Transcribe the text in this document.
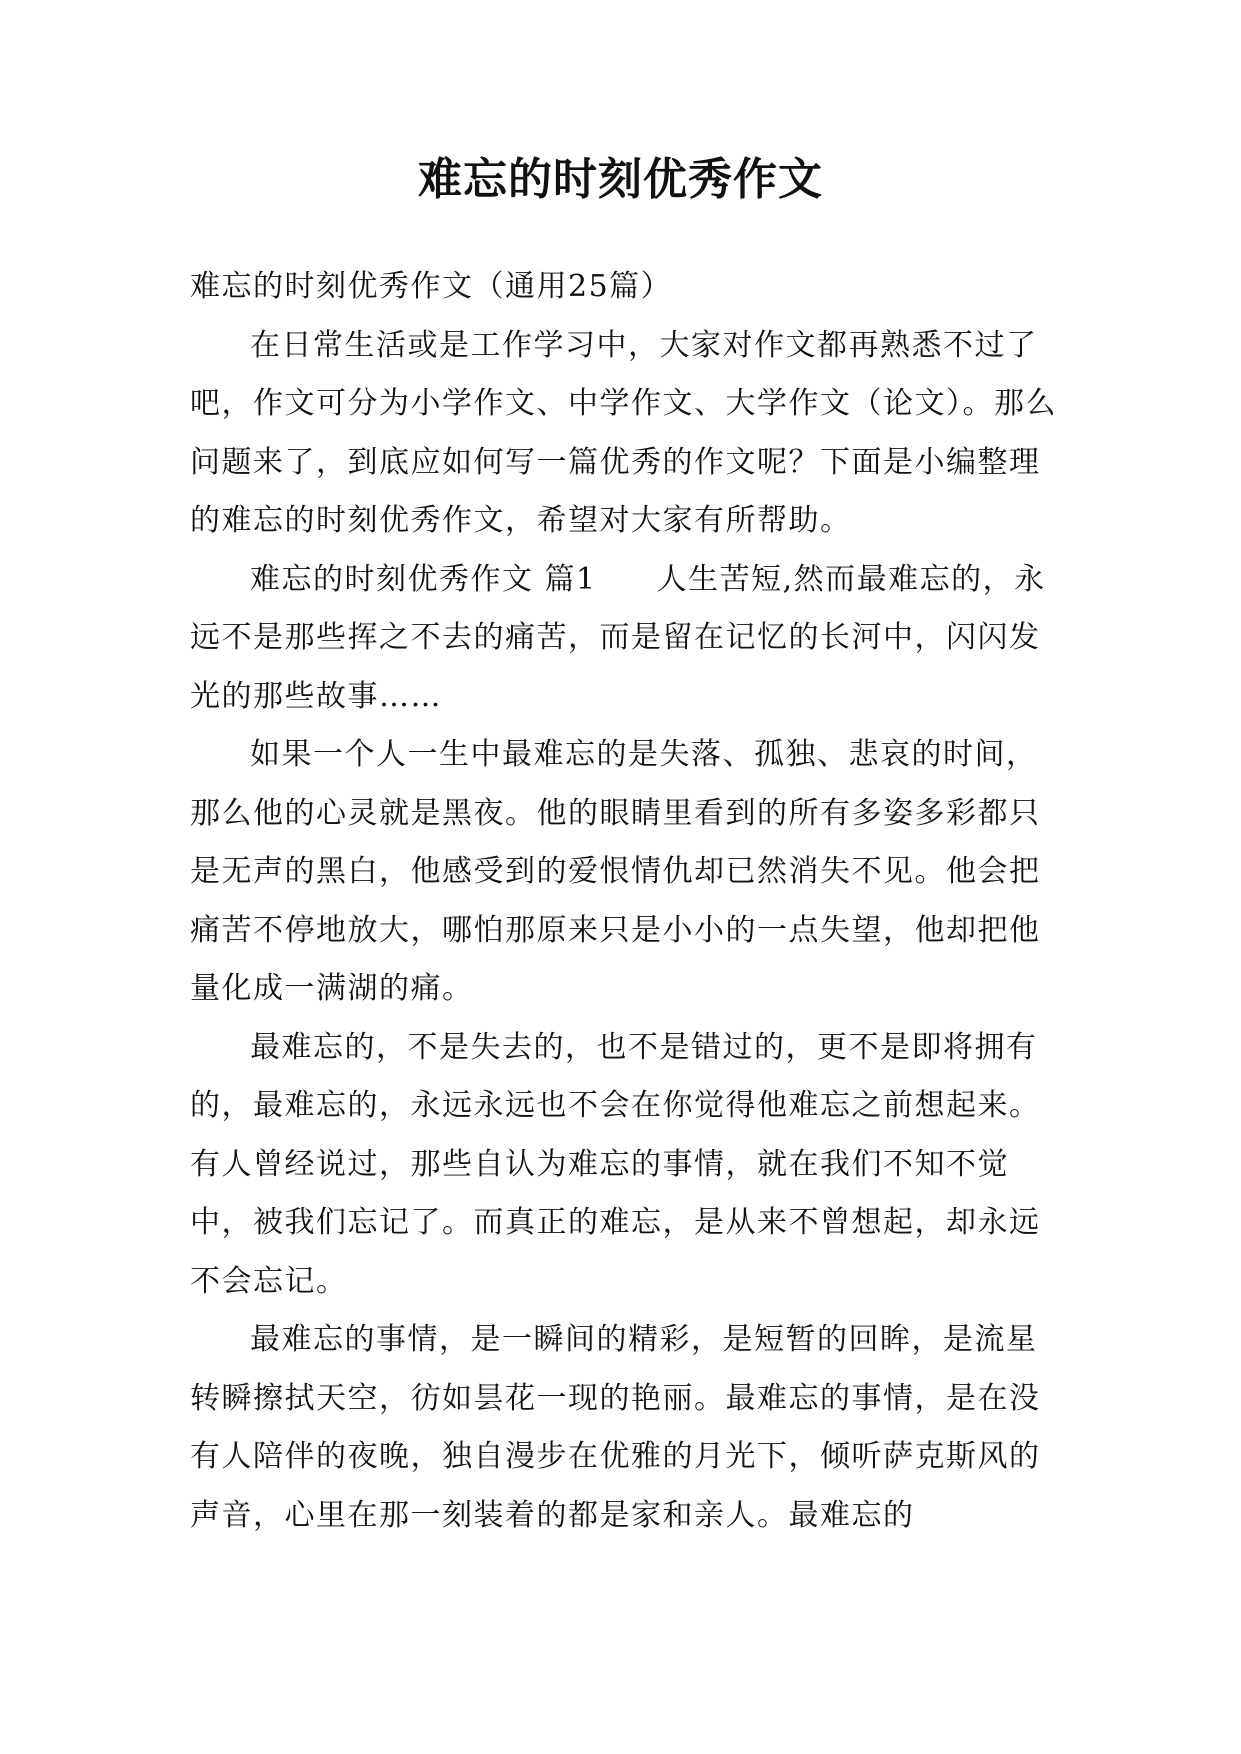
难忘的时刻优秀作文

难忘的时刻优秀作文（通用25篇）

在日常生活或是工作学习中，大家对作文都再熟悉不过了吧，作文可分为小学作文、中学作文、大学作文（论文）。那么问题来了，到底应如何写一篇优秀的作文呢？下面是小编整理的难忘的时刻优秀作文，希望对大家有所帮助。

难忘的时刻优秀作文 篇1 人生苦短,然而最难忘的，永远不是那些挥之不去的痛苦，而是留在记忆的长河中，闪闪发光的那些故事……

如果一个人一生中最难忘的是失落、孤独、悲哀的时间，那么他的心灵就是黑夜。他的眼睛里看到的所有多姿多彩都只是无声的黑白，他感受到的爱恨情仇却已然消失不见。他会把痛苦不停地放大，哪怕那原来只是小小的一点失望，他却把他量化成一满湖的痛。

最难忘的，不是失去的，也不是错过的，更不是即将拥有的，最难忘的，永远永远也不会在你觉得他难忘之前想起来。有人曾经说过，那些自认为难忘的事情，就在我们不知不觉中，被我们忘记了。而真正的难忘，是从来不曾想起，却永远不会忘记。

最难忘的事情，是一瞬间的精彩，是短暂的回眸，是流星转瞬擦拭天空，彷如昙花一现的艳丽。最难忘的事情，是在没有人陪伴的夜晚，独自漫步在优雅的月光下，倾听萨克斯风的声音，心里在那一刻装着的都是家和亲人。最难忘的
